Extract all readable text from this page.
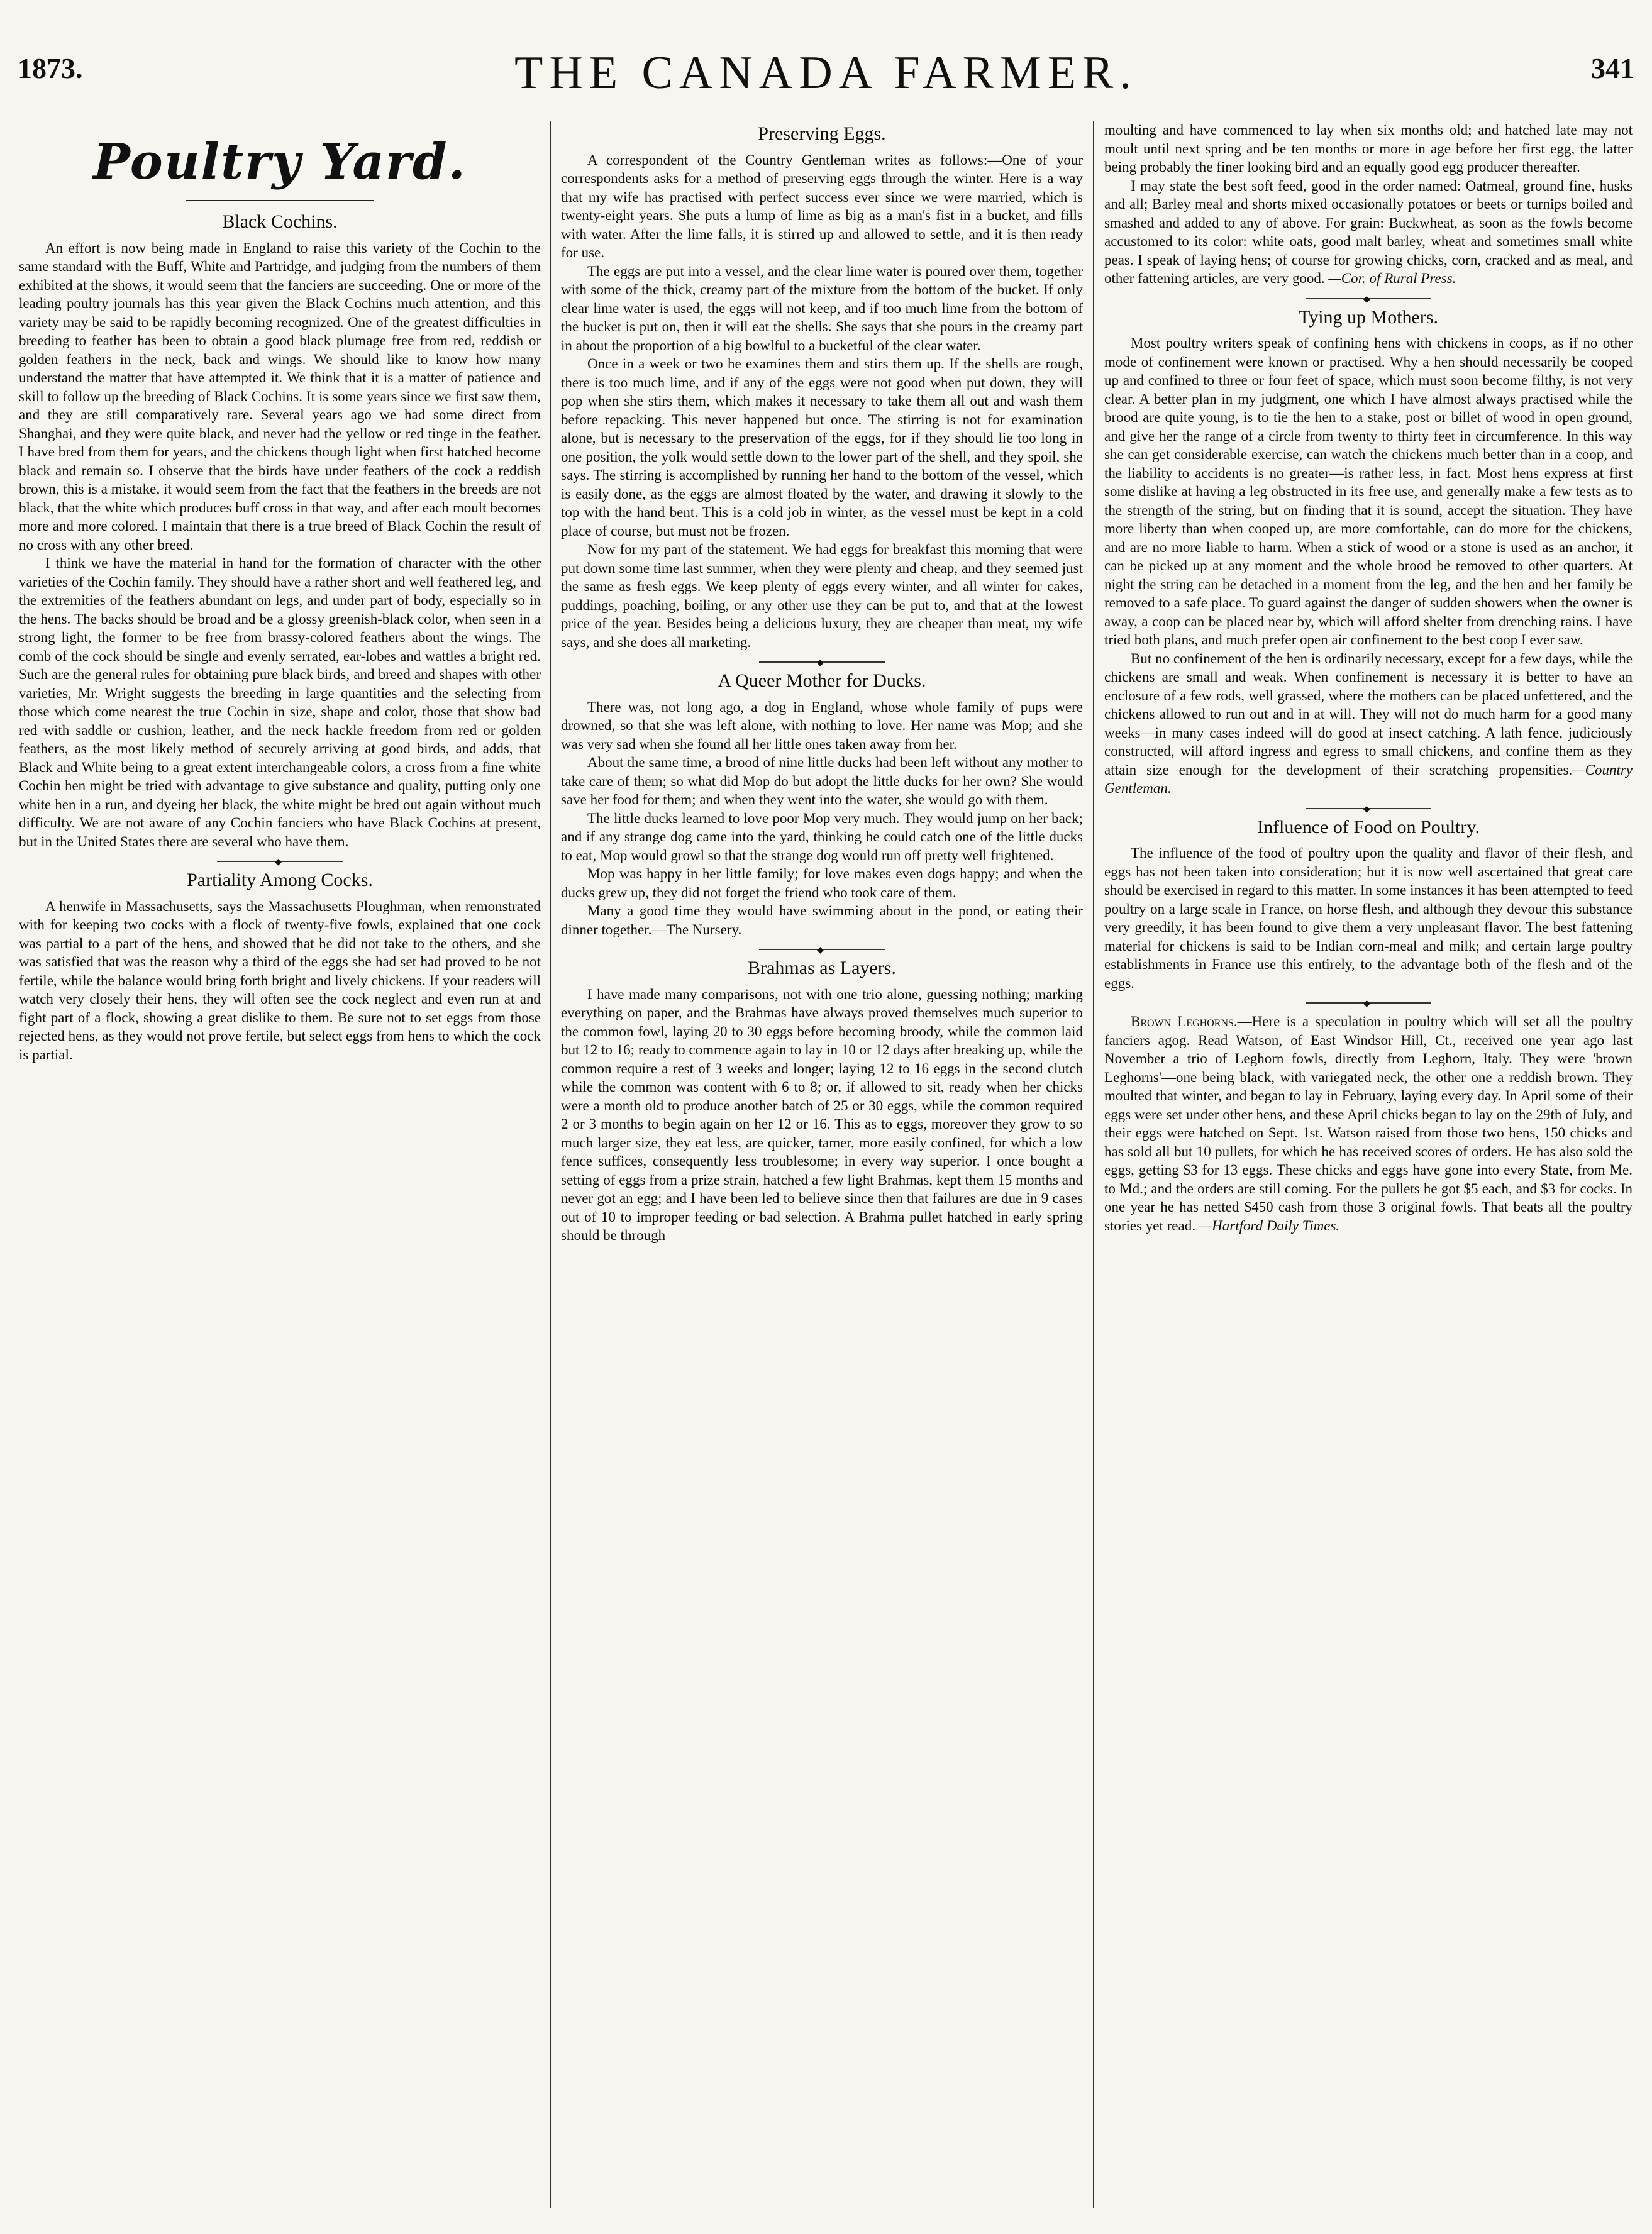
1873.	THE CANADA FARMER.	341
Poultry Yard.
Black Cochins.

An effort is now being made in England to raise this variety of the Cochin to the same standard with the Buff, White and Partridge, and judging from the numbers of them exhibited at the shows, it would seem that the fanciers are succeeding. One or more of the leading poultry journals has this year given the Black Cochins much attention, and this variety may be said to be rapidly becoming recognized. One of the greatest difficulties in breeding to feather has been to obtain a good black plumage free from red, reddish or golden feathers in the neck, back and wings. We should like to know how many understand the matter that have attempted it. We think that it is a matter of patience and skill to follow up the breeding of Black Cochins. It is some years since we first saw them, and they are still comparatively rare. Several years ago we had some direct from Shanghai, and they were quite black, and never had the yellow or red tinge in the feather. I have bred from them for years, and the chickens though light when first hatched become black and remain so. I observe that the birds have under feathers of the cock a reddish brown, this is a mistake, it would seem from the fact that the feathers in the breeds are not black, that the white which produces buff cross in that way, and after each moult becomes more and more colored. I maintain that there is a true breed of Black Cochin the result of no cross with any other breed.

I think we have the material in hand for the formation of character with the other varieties of the Cochin family. They should have a rather short and well feathered leg, and the extremities of the feathers abundant on legs, and under part of body, especially so in the hens. The backs should be broad and be a glossy greenish-black color, when seen in a strong light, the former to be free from brassy-colored feathers about the wings. The comb of the cock should be single and evenly serrated, ear-lobes and wattles a bright red. Such are the general rules for obtaining pure black birds, and breed and shapes with other varieties, Mr. Wright suggests the breeding in large quantities and the selecting from those which come nearest the true Cochin in size, shape and color, those that show bad red with saddle or cushion, leather, and the neck hackle freedom from red or golden feathers, as the most likely method of securely arriving at good birds, and adds, that Black and White being to a great extent interchangeable colors, a cross from a fine white Cochin hen might be tried with advantage to give substance and quality, putting only one white hen in a run, and dyeing her black, the white might be bred out again without much difficulty. We are not aware of any Cochin fanciers who have Black Cochins at present, but in the United States there are several who have them.

◆
Partiality Among Cocks.

A henwife in Massachusetts, says the Massachusetts Ploughman, when remonstrated with for keeping two cocks with a flock of twenty-five fowls, explained that one cock was partial to a part of the hens, and showed that he did not take to the others, and she was satisfied that was the reason why a third of the eggs she had set had proved to be not fertile, while the balance would bring forth bright and lively chickens. If your readers will watch very closely their hens, they will often see the cock neglect and even run at and fight part of a flock, showing a great dislike to them. Be sure not to set eggs from those rejected hens, as they would not prove fertile, but select eggs from hens to which the cock is partial.

Preserving Eggs.

A correspondent of the Country Gentleman writes as follows:—One of your correspondents asks for a method of preserving eggs through the winter. Here is a way that my wife has practised with perfect success ever since we were married, which is twenty-eight years. She puts a lump of lime as big as a man's fist in a bucket, and fills with water. After the lime falls, it is stirred up and allowed to settle, and it is then ready for use.

The eggs are put into a vessel, and the clear lime water is poured over them, together with some of the thick, creamy part of the mixture from the bottom of the bucket. If only clear lime water is used, the eggs will not keep, and if too much lime from the bottom of the bucket is put on, then it will eat the shells. She says that she pours in the creamy part in about the proportion of a big bowlful to a bucketful of the clear water.

Once in a week or two he examines them and stirs them up. If the shells are rough, there is too much lime, and if any of the eggs were not good when put down, they will pop when she stirs them, which makes it necessary to take them all out and wash them before repacking. This never happened but once. The stirring is not for examination alone, but is necessary to the preservation of the eggs, for if they should lie too long in one position, the yolk would settle down to the lower part of the shell, and they spoil, she says. The stirring is accomplished by running her hand to the bottom of the vessel, which is easily done, as the eggs are almost floated by the water, and drawing it slowly to the top with the hand bent. This is a cold job in winter, as the vessel must be kept in a cold place of course, but must not be frozen.

Now for my part of the statement. We had eggs for breakfast this morning that were put down some time last summer, when they were plenty and cheap, and they seemed just the same as fresh eggs. We keep plenty of eggs every winter, and all winter for cakes, puddings, poaching, boiling, or any other use they can be put to, and that at the lowest price of the year. Besides being a delicious luxury, they are cheaper than meat, my wife says, and she does all marketing.

◆
A Queer Mother for Ducks.

There was, not long ago, a dog in England, whose whole family of pups were drowned, so that she was left alone, with nothing to love. Her name was Mop; and she was very sad when she found all her little ones taken away from her.

About the same time, a brood of nine little ducks had been left without any mother to take care of them; so what did Mop do but adopt the little ducks for her own? She would save her food for them; and when they went into the water, she would go with them.

The little ducks learned to love poor Mop very much. They would jump on her back; and if any strange dog came into the yard, thinking he could catch one of the little ducks to eat, Mop would growl so that the strange dog would run off pretty well frightened.

Mop was happy in her little family; for love makes even dogs happy; and when the ducks grew up, they did not forget the friend who took care of them.

Many a good time they would have swimming about in the pond, or eating their dinner together.—The Nursery.

◆
Brahmas as Layers.

I have made many comparisons, not with one trio alone, guessing nothing; marking everything on paper, and the Brahmas have always proved themselves much superior to the common fowl, laying 20 to 30 eggs before becoming broody, while the common laid but 12 to 16; ready to commence again to lay in 10 or 12 days after breaking up, while the common require a rest of 3 weeks and longer; laying 12 to 16 eggs in the second clutch while the common was content with 6 to 8; or, if allowed to sit, ready when her chicks were a month old to produce another batch of 25 or 30 eggs, while the common required 2 or 3 months to begin again on her 12 or 16. This as to eggs, moreover they grow to so much larger size, they eat less, are quicker, tamer, more easily confined, for which a low fence suffices, consequently less troublesome; in every way superior. I once bought a setting of eggs from a prize strain, hatched a few light Brahmas, kept them 15 months and never got an egg; and I have been led to believe since then that failures are due in 9 cases out of 10 to improper feeding or bad selection. A Brahma pullet hatched in early spring should be through

moulting and have commenced to lay when six months old; and hatched late may not moult until next spring and be ten months or more in age before her first egg, the latter being probably the finer looking bird and an equally good egg producer thereafter.

I may state the best soft feed, good in the order named: Oatmeal, ground fine, husks and all; Barley meal and shorts mixed occasionally potatoes or beets or turnips boiled and smashed and added to any of above. For grain: Buckwheat, as soon as the fowls become accustomed to its color: white oats, good malt barley, wheat and sometimes small white peas. I speak of laying hens; of course for growing chicks, corn, cracked and as meal, and other fattening articles, are very good. —Cor. of Rural Press.

◆
Tying up Mothers.

Most poultry writers speak of confining hens with chickens in coops, as if no other mode of confinement were known or practised. Why a hen should necessarily be cooped up and confined to three or four feet of space, which must soon become filthy, is not very clear. A better plan in my judgment, one which I have almost always practised while the brood are quite young, is to tie the hen to a stake, post or billet of wood in open ground, and give her the range of a circle from twenty to thirty feet in circumference. In this way she can get considerable exercise, can watch the chickens much better than in a coop, and the liability to accidents is no greater—is rather less, in fact. Most hens express at first some dislike at having a leg obstructed in its free use, and generally make a few tests as to the strength of the string, but on finding that it is sound, accept the situation. They have more liberty than when cooped up, are more comfortable, can do more for the chickens, and are no more liable to harm. When a stick of wood or a stone is used as an anchor, it can be picked up at any moment and the whole brood be removed to other quarters. At night the string can be detached in a moment from the leg, and the hen and her family be removed to a safe place. To guard against the danger of sudden showers when the owner is away, a coop can be placed near by, which will afford shelter from drenching rains. I have tried both plans, and much prefer open air confinement to the best coop I ever saw.

But no confinement of the hen is ordinarily necessary, except for a few days, while the chickens are small and weak. When confinement is necessary it is better to have an enclosure of a few rods, well grassed, where the mothers can be placed unfettered, and the chickens allowed to run out and in at will. They will not do much harm for a good many weeks—in many cases indeed will do good at insect catching. A lath fence, judiciously constructed, will afford ingress and egress to small chickens, and confine them as they attain size enough for the development of their scratching propensities.—Country Gentleman.

◆
Influence of Food on Poultry.

The influence of the food of poultry upon the quality and flavor of their flesh, and eggs has not been taken into consideration; but it is now well ascertained that great care should be exercised in regard to this matter. In some instances it has been attempted to feed poultry on a large scale in France, on horse flesh, and although they devour this substance very greedily, it has been found to give them a very unpleasant flavor. The best fattening material for chickens is said to be Indian corn-meal and milk; and certain large poultry establishments in France use this entirely, to the advantage both of the flesh and of the eggs.

◆

Brown Leghorns.—Here is a speculation in poultry which will set all the poultry fanciers agog. Read Watson, of East Windsor Hill, Ct., received one year ago last November a trio of Leghorn fowls, directly from Leghorn, Italy. They were 'brown Leghorns'—one being black, with variegated neck, the other one a reddish brown. They moulted that winter, and began to lay in February, laying every day. In April some of their eggs were set under other hens, and these April chicks began to lay on the 29th of July, and their eggs were hatched on Sept. 1st. Watson raised from those two hens, 150 chicks and has sold all but 10 pullets, for which he has received scores of orders. He has also sold the eggs, getting $3 for 13 eggs. These chicks and eggs have gone into every State, from Me. to Md.; and the orders are still coming. For the pullets he got $5 each, and $3 for cocks. In one year he has netted $450 cash from those 3 original fowls. That beats all the poultry stories yet read. —Hartford Daily Times.
